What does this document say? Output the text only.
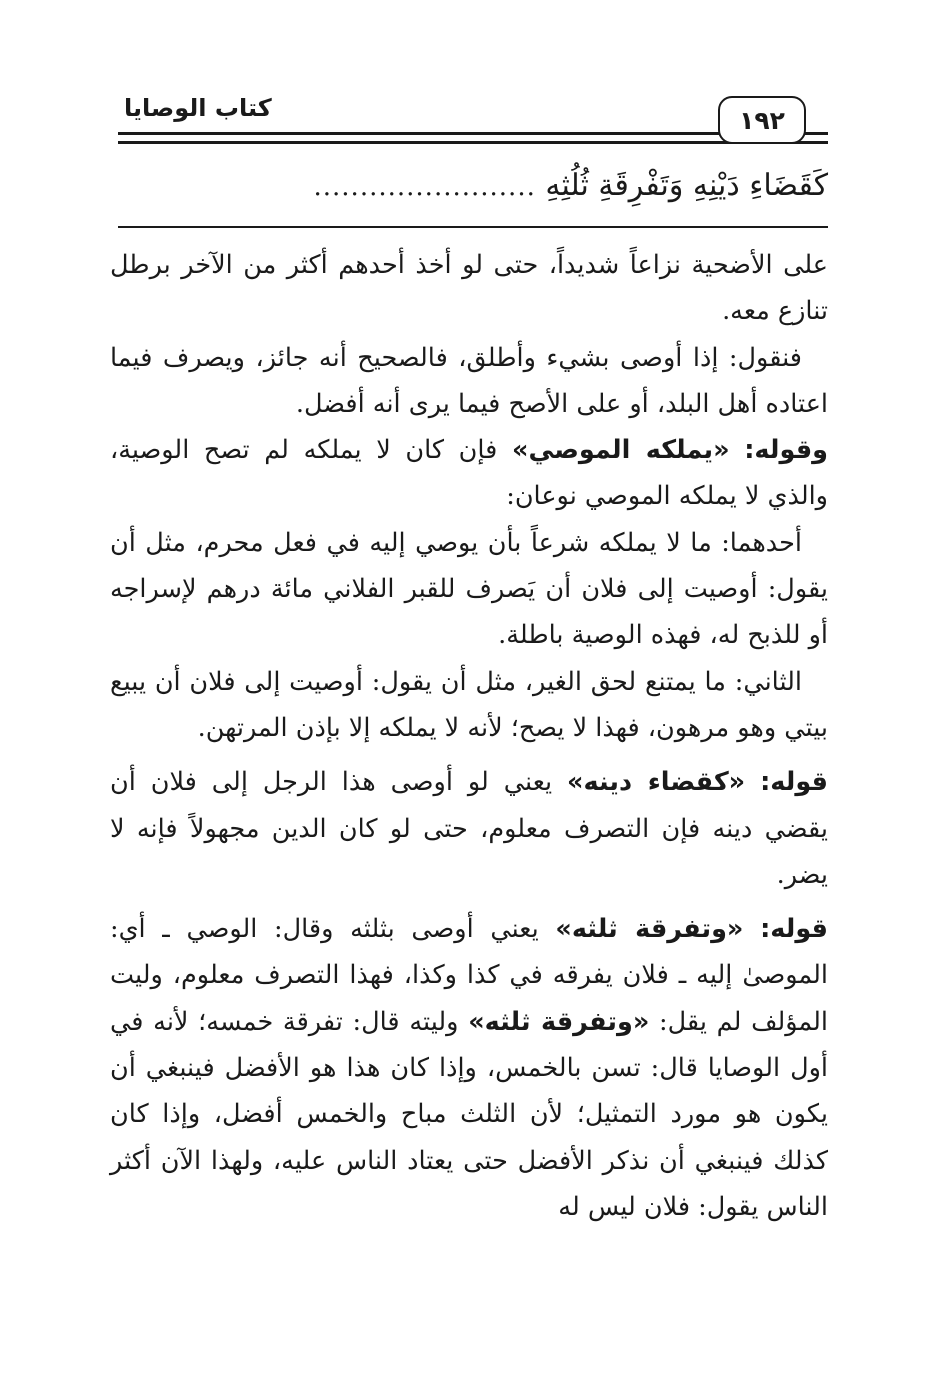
كتاب الوصايا	١٩٢
كَقَضَاءِ دَيْنِهِ وَتَفْرِقَةِ ثُلُثِهِ ........................

على الأضحية نزاعاً شديداً، حتى لو أخذ أحدهم أكثر من الآخر برطل تنازع معه.

فنقول: إذا أوصى بشيء وأطلق، فالصحيح أنه جائز، ويصرف فيما اعتاده أهل البلد، أو على الأصح فيما يرى أنه أفضل.

وقوله: «يملكه الموصي» فإن كان لا يملكه لم تصح الوصية، والذي لا يملكه الموصي نوعان:

أحدهما: ما لا يملكه شرعاً بأن يوصي إليه في فعل محرم، مثل أن يقول: أوصيت إلى فلان أن يَصرف للقبر الفلاني مائة درهم لإسراجه أو للذبح له، فهذه الوصية باطلة.

الثاني: ما يمتنع لحق الغير، مثل أن يقول: أوصيت إلى فلان أن يبيع بيتي وهو مرهون، فهذا لا يصح؛ لأنه لا يملكه إلا بإذن المرتهن.

قوله: «كقضاء دينه» يعني لو أوصى هذا الرجل إلى فلان أن يقضي دينه فإن التصرف معلوم، حتى لو كان الدين مجهولاً فإنه لا يضر.

قوله: «وتفرقة ثلثه» يعني أوصى بثلثه وقال: الوصي ـ أي: الموصىٰ إليه ـ فلان يفرقه في كذا وكذا، فهذا التصرف معلوم، وليت المؤلف لم يقل: «وتفرقة ثلثه» وليته قال: تفرقة خمسه؛ لأنه في أول الوصايا قال: تسن بالخمس، وإذا كان هذا هو الأفضل فينبغي أن يكون هو مورد التمثيل؛ لأن الثلث مباح والخمس أفضل، وإذا كان كذلك فينبغي أن نذكر الأفضل حتى يعتاد الناس عليه، ولهذا الآن أكثر الناس يقول: فلان ليس له
